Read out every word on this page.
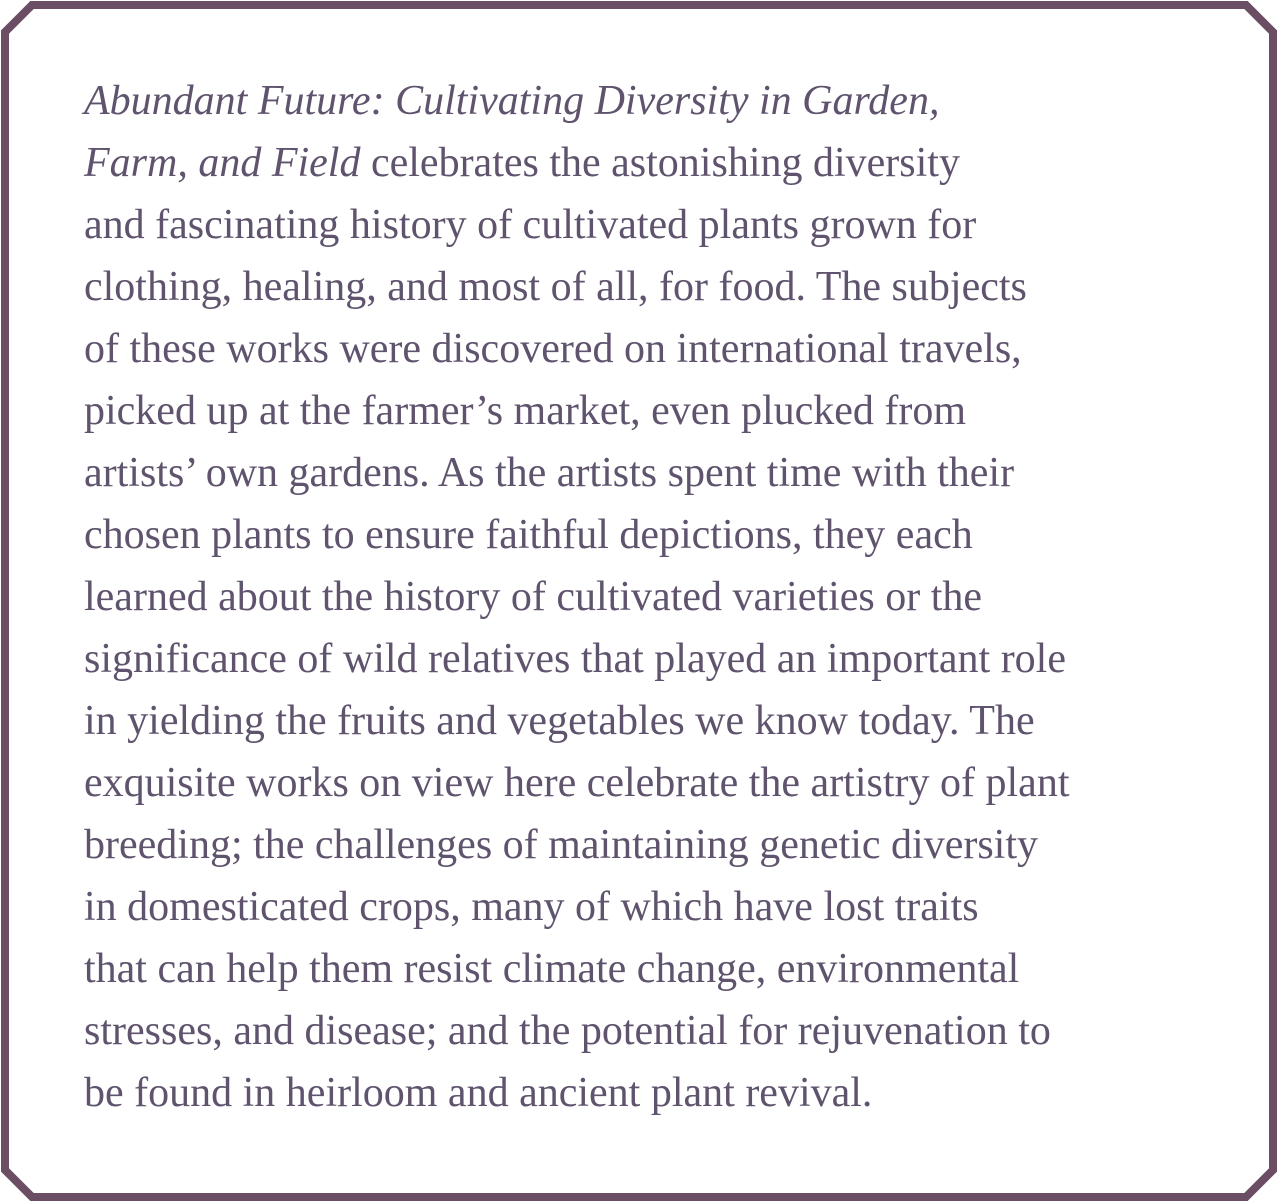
Abundant Future: Cultivating Diversity in Garden,
Farm, and Field celebrates the astonishing diversity
and fascinating history of cultivated plants grown for
clothing, healing, and most of all, for food. The subjects
of these works were discovered on international travels,
picked up at the farmer’s market, even plucked from
artists’ own gardens. As the artists spent time with their
chosen plants to ensure faithful depictions, they each
learned about the history of cultivated varieties or the
significance of wild relatives that played an important role
in yielding the fruits and vegetables we know today. The
exquisite works on view here celebrate the artistry of plant
breeding; the challenges of maintaining genetic diversity
in domesticated crops, many of which have lost traits
that can help them resist climate change, environmental
stresses, and disease; and the potential for rejuvenation to
be found in heirloom and ancient plant revival.
